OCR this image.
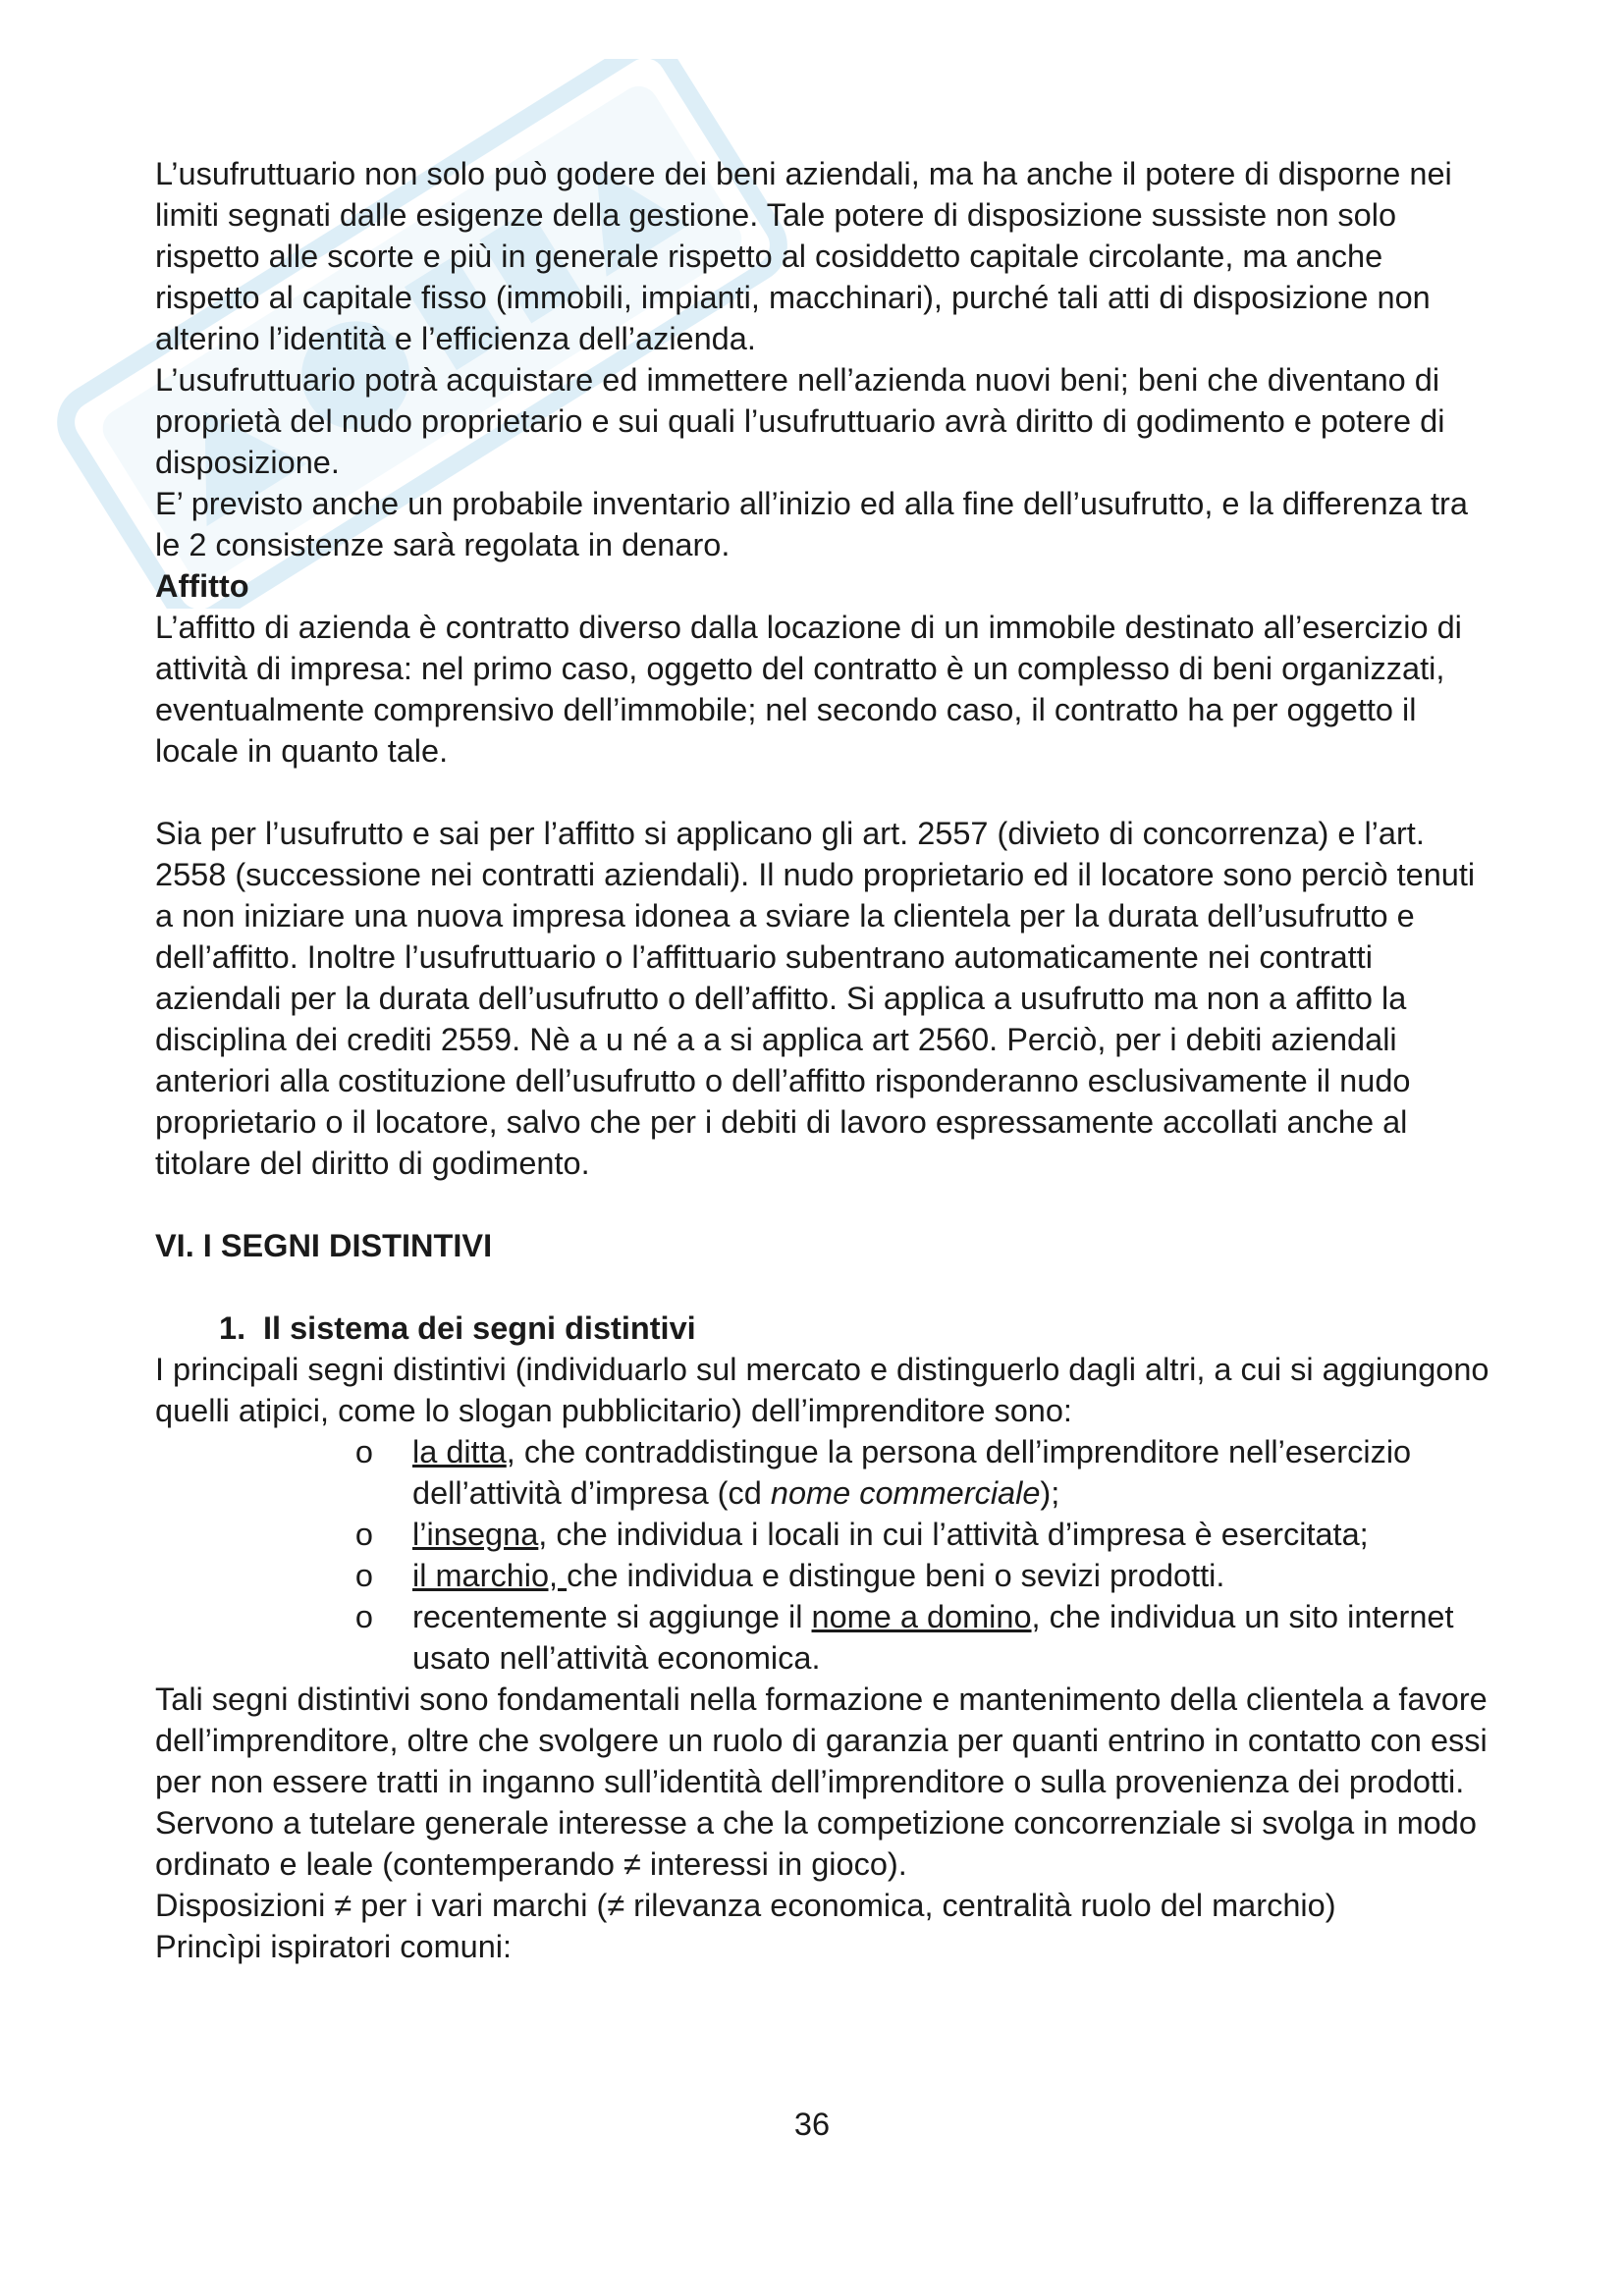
L’usufruttuario non solo può godere dei beni aziendali, ma ha anche il potere di disporne nei limiti segnati dalle esigenze della gestione. Tale potere di disposizione sussiste non solo rispetto alle scorte e più in generale rispetto al cosiddetto capitale circolante, ma anche rispetto al capitale fisso (immobili, impianti, macchinari), purché tali atti di disposizione non alterino l’identità e l’efficienza dell’azienda.

L’usufruttuario potrà acquistare ed immettere nell’azienda nuovi beni; beni che diventano di proprietà del nudo proprietario e sui quali l’usufruttuario avrà diritto di godimento e potere di disposizione.

E’ previsto anche un probabile inventario all’inizio ed alla fine dell’usufrutto, e la differenza tra le 2 consistenze sarà regolata in denaro.

Affitto

L’affitto di azienda è contratto diverso dalla locazione di un immobile destinato all’esercizio di attività di impresa: nel primo caso, oggetto del contratto è un complesso di beni organizzati, eventualmente comprensivo dell’immobile; nel secondo caso, il contratto ha per oggetto il locale in quanto tale.

Sia per l’usufrutto e sai per l’affitto si applicano gli art. 2557 (divieto di concorrenza) e l’art. 2558 (successione nei contratti aziendali). Il nudo proprietario ed il locatore sono perciò tenuti a non iniziare una nuova impresa idonea a sviare la clientela per la durata dell’usufrutto e dell’affitto. Inoltre l’usufruttuario o l’affittuario subentrano automaticamente nei contratti aziendali per la durata dell’usufrutto o dell’affitto. Si applica a usufrutto ma non a affitto la disciplina dei crediti 2559. Nè a u né a a si applica art 2560. Perciò, per i debiti aziendali anteriori alla costituzione dell’usufrutto o dell’affitto risponderanno esclusivamente il nudo proprietario o il locatore, salvo che per i debiti di lavoro espressamente accollati anche al titolare del diritto di godimento.

VI. I SEGNI DISTINTIVI

1. Il sistema dei segni distintivi

I principali segni distintivi (individuarlo sul mercato e distinguerlo dagli altri, a cui si aggiungono quelli atipici, come lo slogan pubblicitario) dell’imprenditore sono:

o	la ditta, che contraddistingue la persona dell’imprenditore nell’esercizio dell’attività d’impresa (cd nome commerciale);
o	l’insegna, che individua i locali in cui l’attività d’impresa è esercitata;
o	il marchio, che individua e distingue beni o sevizi prodotti.
o	recentemente si aggiunge il nome a domino, che individua un sito internet usato nell’attività economica.

Tali segni distintivi sono fondamentali nella formazione e mantenimento della clientela a favore dell’imprenditore, oltre che svolgere un ruolo di garanzia per quanti entrino in contatto con essi per non essere tratti in inganno sull’identità dell’imprenditore o sulla provenienza dei prodotti. Servono a tutelare generale interesse a che la competizione concorrenziale si svolga in modo ordinato e leale (contemperando ≠ interessi in gioco).

Disposizioni ≠ per i vari marchi (≠ rilevanza economica, centralità ruolo del marchio)

Princìpi ispiratori comuni:

36
